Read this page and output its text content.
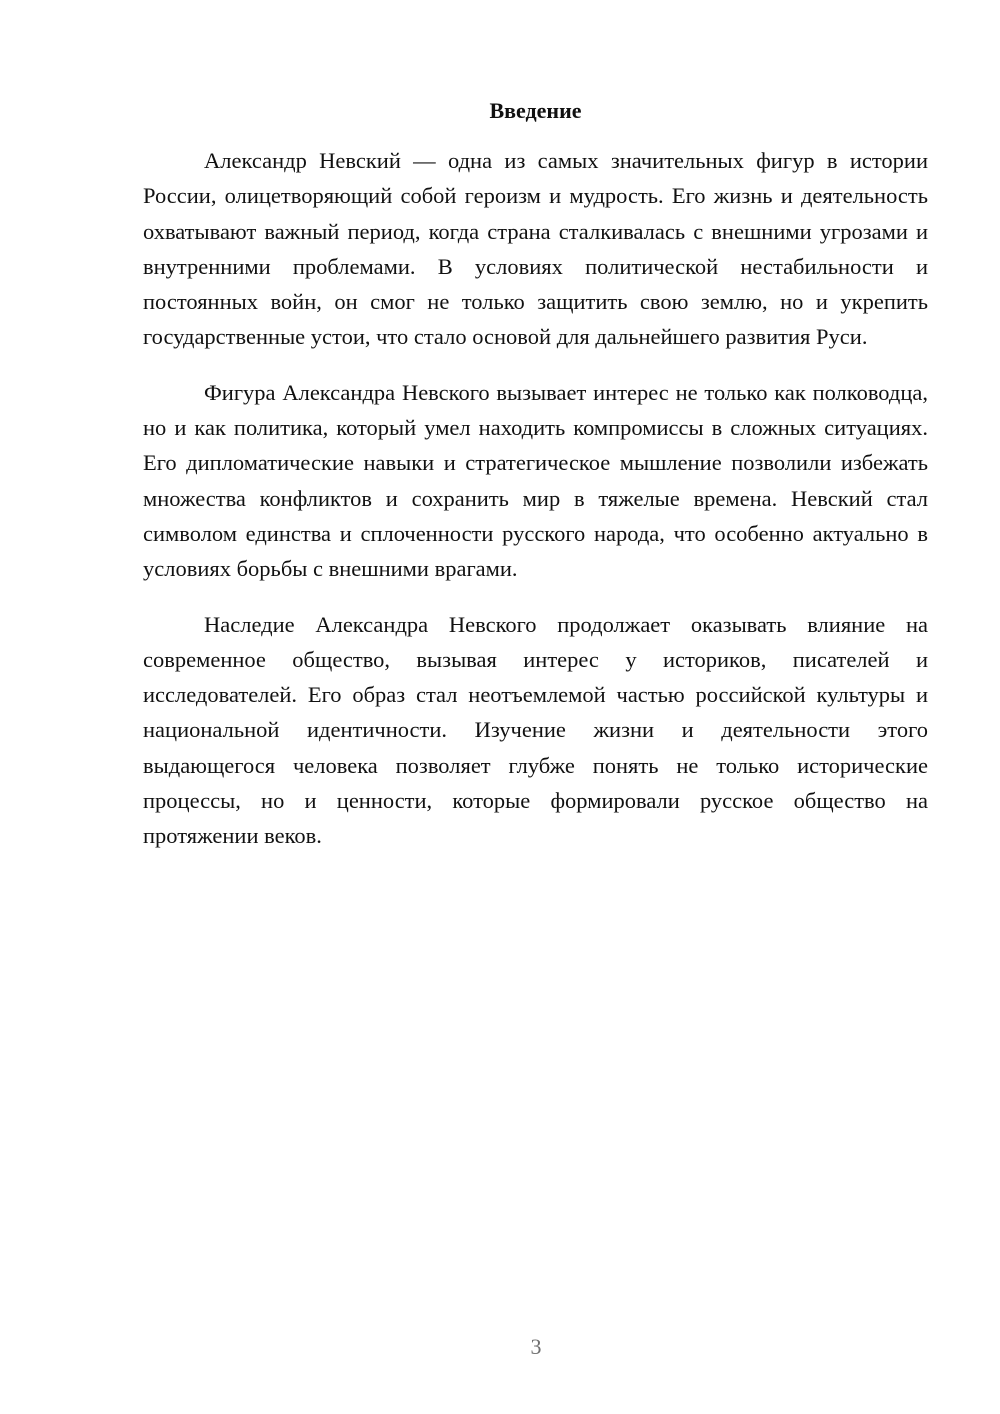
Введение

Александр Невский — одна из самых значительных фигур в истории России, олицетворяющий собой героизм и мудрость. Его жизнь и деятельность охватывают важный период, когда страна сталкивалась с внешними угрозами и внутренними проблемами. В условиях политической нестабильности и постоянных войн, он смог не только защитить свою землю, но и укрепить государственные устои, что стало основой для дальнейшего развития Руси.

Фигура Александра Невского вызывает интерес не только как полководца, но и как политика, который умел находить компромиссы в сложных ситуациях. Его дипломатические навыки и стратегическое мышление позволили избежать множества конфликтов и сохранить мир в тяжелые времена. Невский стал символом единства и сплоченности русского народа, что особенно актуально в условиях борьбы с внешними врагами.

Наследие Александра Невского продолжает оказывать влияние на современное общество, вызывая интерес у историков, писателей и исследователей. Его образ стал неотъемлемой частью российской культуры и национальной идентичности. Изучение жизни и деятельности этого выдающегося человека позволяет глубже понять не только исторические процессы, но и ценности, которые формировали русское общество на протяжении веков.

3
